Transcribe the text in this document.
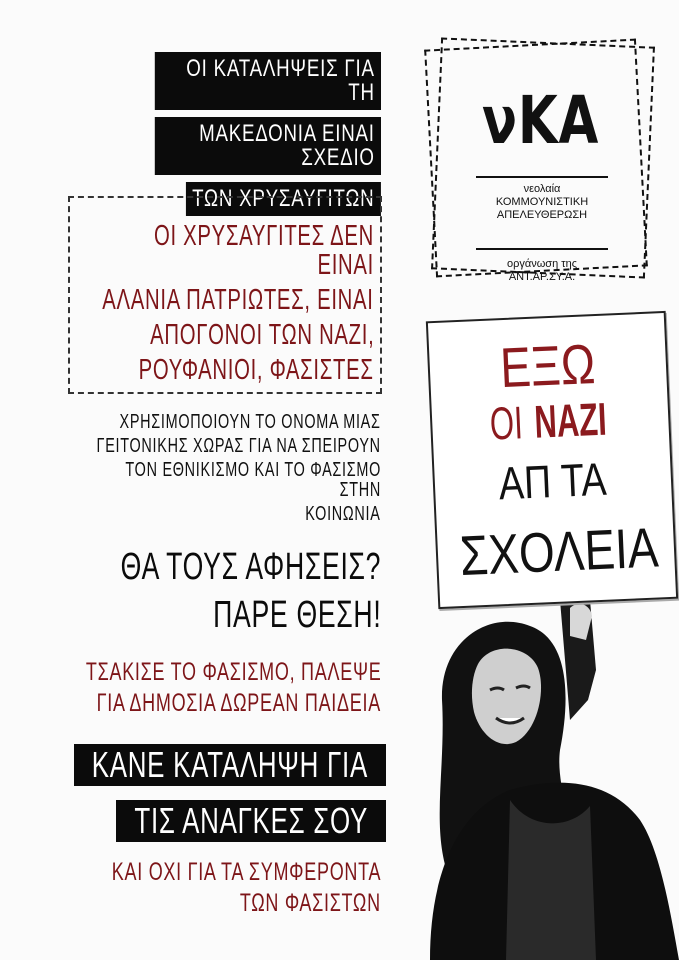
ΟΙ ΚΑΤΑΛΗΨΕΙΣ ΓΙΑ ΤΗ
ΜΑΚΕΔΟΝΙΑ ΕΙΝΑΙ ΣΧΕΔΙΟ
ΤΩΝ ΧΡΥΣΑΥΓΙΤΩΝ
ΟΙ ΧΡΥΣΑΥΓΙΤΕΣ ΔΕΝ ΕΙΝΑΙ
ΑΛΑΝΙΑ ΠΑΤΡΙΩΤΕΣ, ΕΙΝΑΙ
ΑΠΟΓΟΝΟΙ ΤΩΝ ΝΑΖΙ,
ΡΟΥΦΑΝΙΟΙ, ΦΑΣΙΣΤΕΣ
ΧΡΗΣΙΜΟΠΟΙΟΥΝ ΤΟ ΟΝΟΜΑ ΜΙΑΣ
ΓΕΙΤΟΝΙΚΗΣ ΧΩΡΑΣ ΓΙΑ ΝΑ ΣΠΕΙΡΟΥΝ
ΤΟΝ ΕΘΝΙΚΙΣΜΟ ΚΑΙ ΤΟ ΦΑΣΙΣΜΟ ΣΤΗΝ
ΚΟΙΝΩΝΙΑ
ΘΑ ΤΟΥΣ ΑΦΗΣΕΙΣ?
ΠΑΡΕ ΘΕΣΗ!
ΤΣΑΚΙΣΕ ΤΟ ΦΑΣΙΣΜΟ, ΠΑΛΕΨΕ
ΓΙΑ ΔΗΜΟΣΙΑ ΔΩΡΕΑΝ ΠΑΙΔΕΙΑ
ΚΑΝΕ ΚΑΤΑΛΗΨΗ ΓΙΑ
ΤΙΣ ΑΝΑΓΚΕΣ ΣΟΥ
ΚΑΙ ΟΧΙ ΓΙΑ ΤΑ ΣΥΜΦΕΡΟΝΤΑ
ΤΩΝ ΦΑΣΙΣΤΩΝ
νΚΑ
νεολαία
ΚΟΜΜΟΥΝΙΣΤΙΚΗ
ΑΠΕΛΕΥΘΕΡΩΣΗ
οργάνωση της
ΑΝΤ.ΑΡ.ΣΥ.Α.
ΕΞΩ
ΟΙΝΑΖΙ
ΑΠ ΤΑ
ΣΧΟΛΕΙΑ
